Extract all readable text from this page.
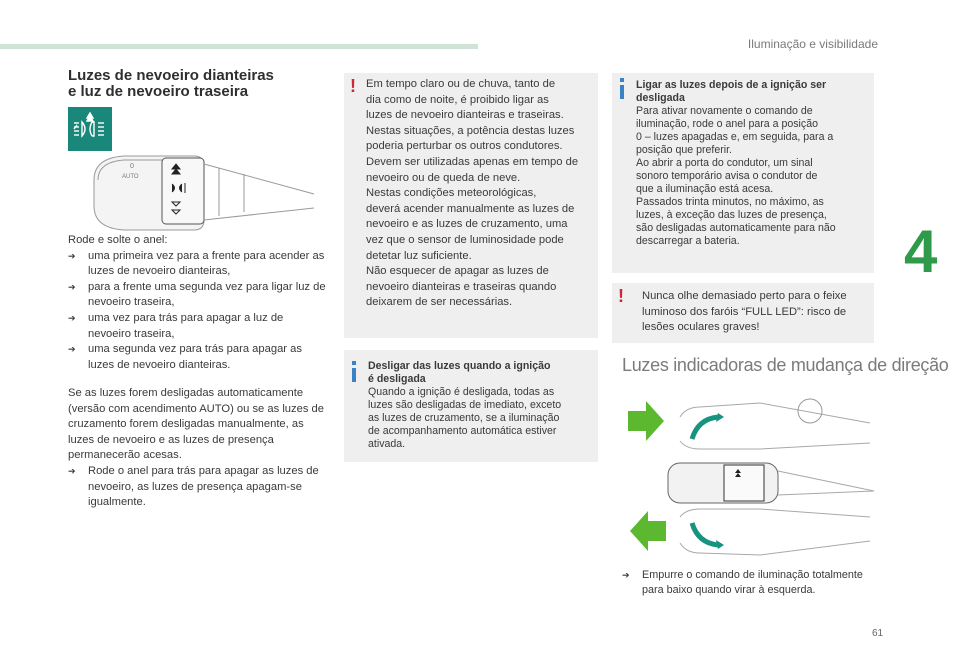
Iluminação e visibilidade
4
61
Luzes de nevoeiro dianteiras
e luz de nevoeiro traseira
0
AUTO

Rode e solte o anel:

➔ uma primeira vez para a frente para acender as luzes de nevoeiro dianteiras,
➔ para a frente uma segunda vez para ligar luz de nevoeiro traseira,
➔ uma vez para trás para apagar a luz de nevoeiro traseira,
➔ uma segunda vez para trás para apagar as luzes de nevoeiro dianteiras.

Se as luzes forem desligadas automaticamente (versão com acendimento AUTO) ou se as luzes de cruzamento forem desligadas manualmente, as luzes de nevoeiro e as luzes de presença permanecerão acesas.

➔ Rode o anel para trás para apagar as luzes de nevoeiro, as luzes de presença apagam-se igualmente.
! Em tempo claro ou de chuva, tanto de
dia como de noite, é proibido ligar as
luzes de nevoeiro dianteiras e traseiras.
Nestas situações, a potência destas luzes
poderia perturbar os outros condutores.
Devem ser utilizadas apenas em tempo de
nevoeiro ou de queda de neve.
Nestas condições meteorológicas,
deverá acender manualmente as luzes de
nevoeiro e as luzes de cruzamento, uma
vez que o sensor de luminosidade pode
detetar luz suficiente.
Não esquecer de apagar as luzes de
nevoeiro dianteiras e traseiras quando
deixarem de ser necessárias.
Desligar das luzes quando a ignição
é desligada
Quando a ignição é desligada, todas as
luzes são desligadas de imediato, exceto
as luzes de cruzamento, se a iluminação
de acompanhamento automática estiver
ativada.
Ligar as luzes depois de a ignição ser
desligada
Para ativar novamente o comando de
iluminação, rode o anel para a posição
0 – luzes apagadas e, em seguida, para a
posição que preferir.
Ao abrir a porta do condutor, um sinal
sonoro temporário avisa o condutor de
que a iluminação está acesa.
Passados trinta minutos, no máximo, as
luzes, à exceção das luzes de presença,
são desligadas automaticamente para não
descarregar a bateria.
! Nunca olhe demasiado perto para o feixe
luminoso dos faróis “FULL LED”: risco de
lesões oculares graves!
Luzes indicadoras de mudança de direção
➔ Empurre o comando de iluminação totalmente
para baixo quando virar à esquerda.
